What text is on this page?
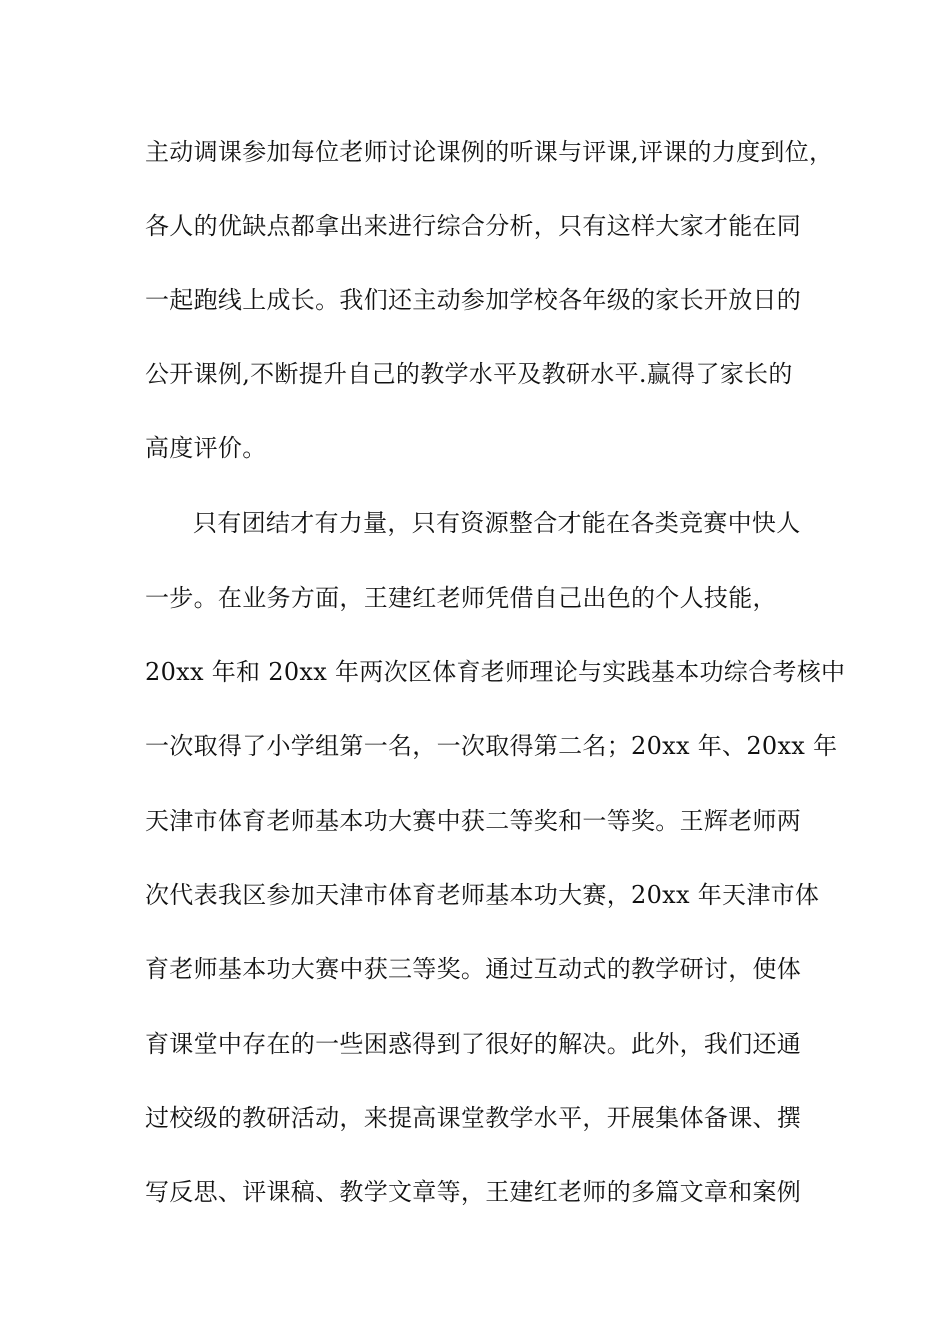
主动调课参加每位老师讨论课例的听课与评课,评课的力度到位，
各人的优缺点都拿出来进行综合分析，只有这样大家才能在同
一起跑线上成长。我们还主动参加学校各年级的家长开放日的
公开课例,不断提升自己的教学水平及教研水平.赢得了家长的
高度评价。
只有团结才有力量，只有资源整合才能在各类竞赛中快人
一步。在业务方面，王建红老师凭借自己出色的个人技能，
20xx 年和 20xx 年两次区体育老师理论与实践基本功综合考核中
一次取得了小学组第一名，一次取得第二名；20xx 年、20xx 年
天津市体育老师基本功大赛中获二等奖和一等奖。王辉老师两
次代表我区参加天津市体育老师基本功大赛，20xx 年天津市体
育老师基本功大赛中获三等奖。通过互动式的教学研讨，使体
育课堂中存在的一些困惑得到了很好的解决。此外，我们还通
过校级的教研活动，来提高课堂教学水平，开展集体备课、撰
写反思、评课稿、教学文章等，王建红老师的多篇文章和案例
